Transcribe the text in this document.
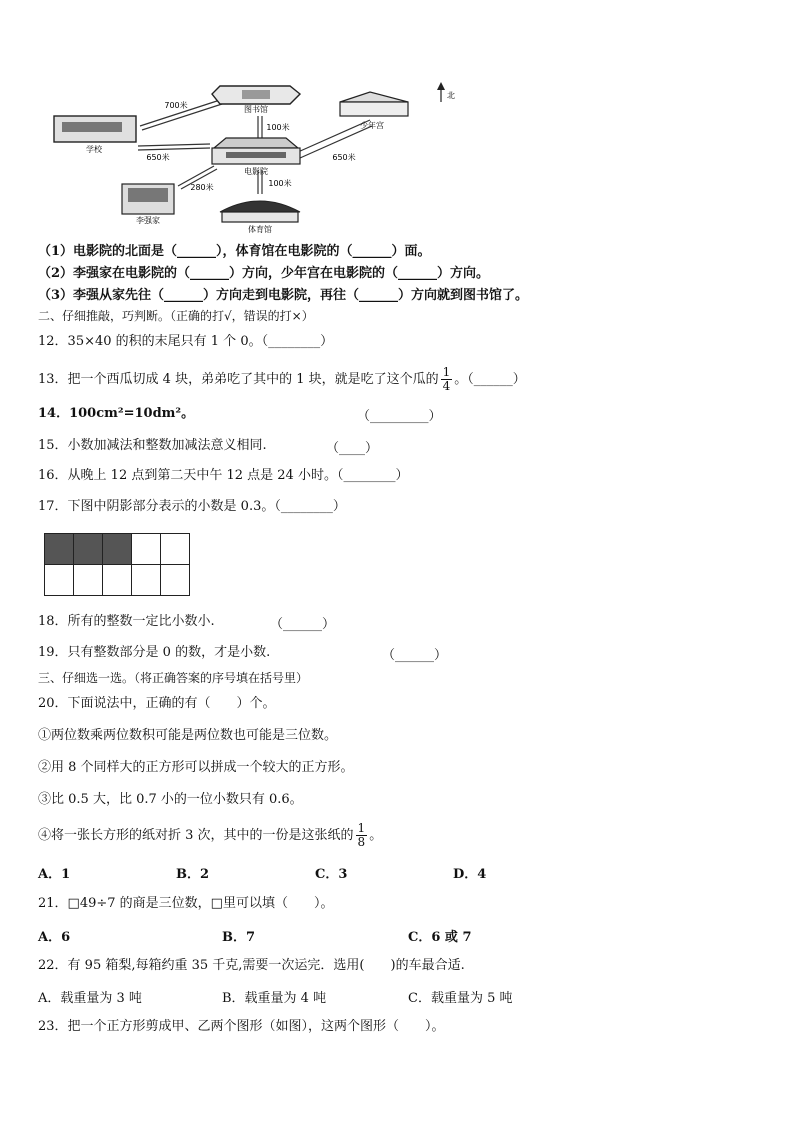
图书馆
学校
少年宫
电影院
李强家
体育馆
700米
100米
650米	650米
280米	100米
北
（1）电影院的北面是（______），体育馆在电影院的（______）面。
（2）李强家在电影院的（______）方向，少年宫在电影院的（______）方向。
（3）李强从家先往（______）方向走到电影院，再往（______）方向就到图书馆了。
二、仔细推敲，巧判断。（正确的打√，错误的打×）
12．35×40 的积的末尾只有 1 个 0。（________）
13．把一个西瓜切成 4 块，弟弟吃了其中的 1 块，就是吃了这个瓜的 $\frac{1}{4}$ 。（______）
14．100cm²=10dm²。	（_________）
15．小数加减法和整数加减法意义相同.	（____）
16．从晚上 12 点到第二天中午 12 点是 24 小时。（________）
17．下图中阴影部分表示的小数是 0.3。（________）

18．所有的整数一定比小数小.	（______）
19．只有整数部分是 0 的数，才是小数.	（______）
三、仔细选一选。（将正确答案的序号填在括号里）
20．下面说法中，正确的有（　　）个。
①两位数乘两位数积可能是两位数也可能是三位数。
②用 8 个同样大的正方形可以拼成一个较大的正方形。
③比 0.5 大，比 0.7 小的一位小数只有 0.6。
④将一张长方形的纸对折 3 次，其中的一份是这张纸的 $\frac{1}{8}$ 。
A．1	B．2	C．3	D．4
21．□49÷7 的商是三位数，□里可以填（　　）。
A．6	B．7	C．6 或 7
22．有 95 箱梨,每箱约重 35 千克,需要一次运完．选用(　　)的车最合适.
A．载重量为 3 吨	B．载重量为 4 吨	C．载重量为 5 吨
23．把一个正方形剪成甲、乙两个图形（如图），这两个图形（　　）。
